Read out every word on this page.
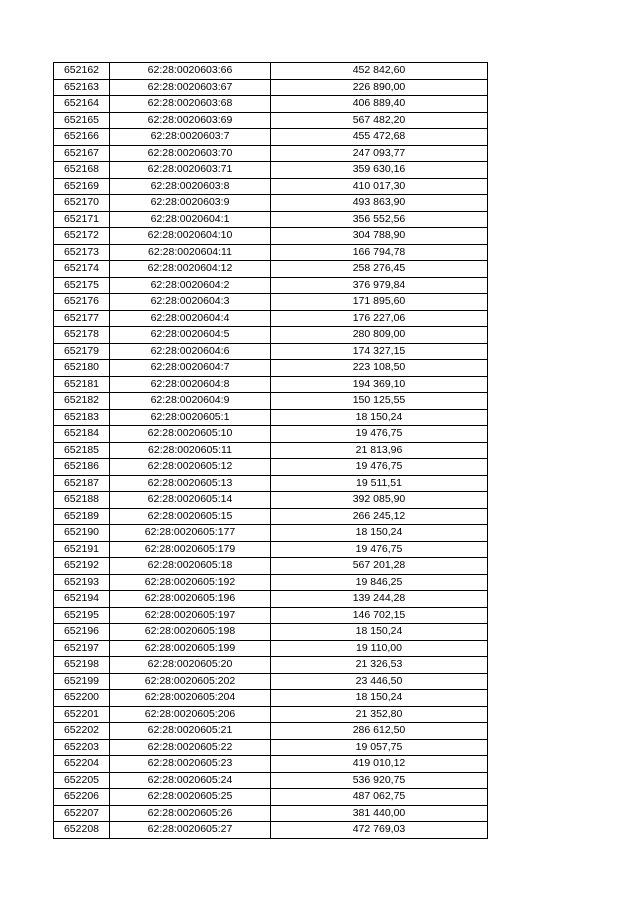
652162	62:28:0020603:66	452 842,60
652163	62:28:0020603:67	226 890,00
652164	62:28:0020603:68	406 889,40
652165	62:28:0020603:69	567 482,20
652166	62:28:0020603:7	455 472,68
652167	62:28:0020603:70	247 093,77
652168	62:28:0020603:71	359 630,16
652169	62:28:0020603:8	410 017,30
652170	62:28:0020603:9	493 863,90
652171	62:28:0020604:1	356 552,56
652172	62:28:0020604:10	304 788,90
652173	62:28:0020604:11	166 794,78
652174	62:28:0020604:12	258 276,45
652175	62:28:0020604:2	376 979,84
652176	62:28:0020604:3	171 895,60
652177	62:28:0020604:4	176 227,06
652178	62:28:0020604:5	280 809,00
652179	62:28:0020604:6	174 327,15
652180	62:28:0020604:7	223 108,50
652181	62:28:0020604:8	194 369,10
652182	62:28:0020604:9	150 125,55
652183	62:28:0020605:1	18 150,24
652184	62:28:0020605:10	19 476,75
652185	62:28:0020605:11	21 813,96
652186	62:28:0020605:12	19 476,75
652187	62:28:0020605:13	19 511,51
652188	62:28:0020605:14	392 085,90
652189	62:28:0020605:15	266 245,12
652190	62:28:0020605:177	18 150,24
652191	62:28:0020605:179	19 476,75
652192	62:28:0020605:18	567 201,28
652193	62:28:0020605:192	19 846,25
652194	62:28:0020605:196	139 244,28
652195	62:28:0020605:197	146 702,15
652196	62:28:0020605:198	18 150,24
652197	62:28:0020605:199	19 110,00
652198	62:28:0020605:20	21 326,53
652199	62:28:0020605:202	23 446,50
652200	62:28:0020605:204	18 150,24
652201	62:28:0020605:206	21 352,80
652202	62:28:0020605:21	286 612,50
652203	62:28:0020605:22	19 057,75
652204	62:28:0020605:23	419 010,12
652205	62:28:0020605:24	536 920,75
652206	62:28:0020605:25	487 062,75
652207	62:28:0020605:26	381 440,00
652208	62:28:0020605:27	472 769,03
